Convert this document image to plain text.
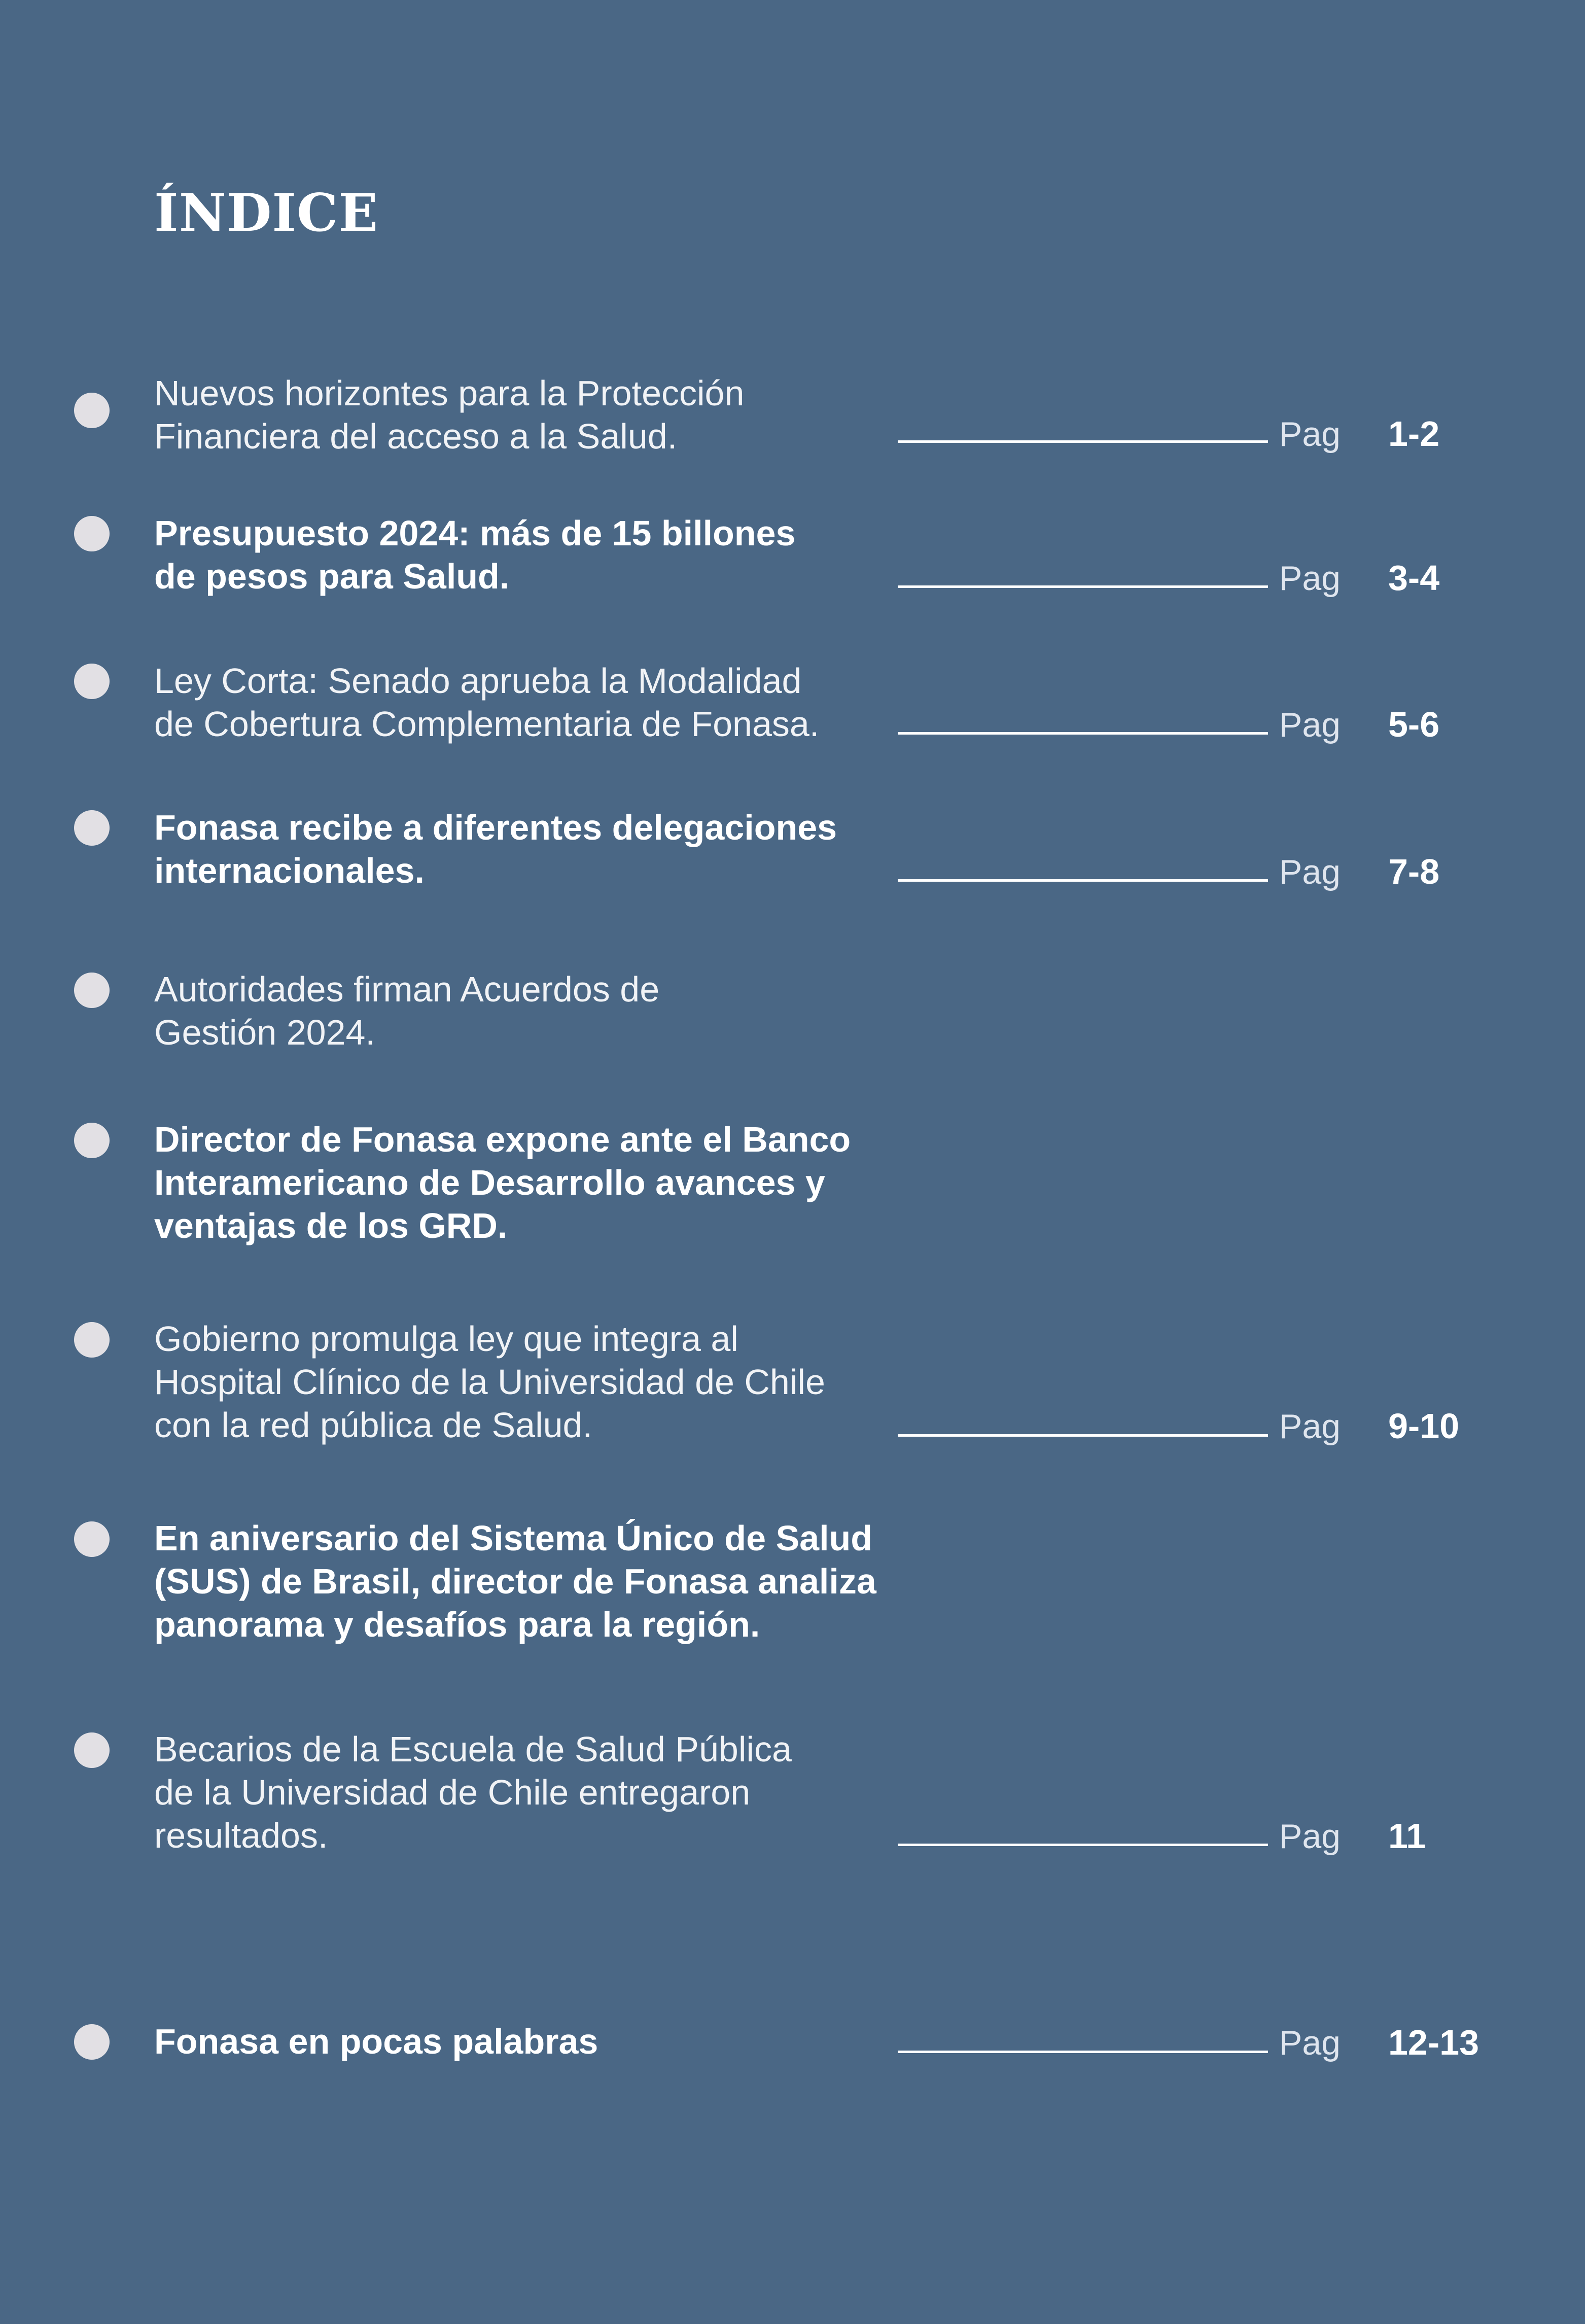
ÍNDICE
Nuevos horizontes para la Protección
Financiera del acceso a la Salud.	Pag 1-2
Presupuesto 2024: más de 15 billones
de pesos para Salud.	Pag 3-4
Ley Corta: Senado aprueba la Modalidad
de Cobertura Complementaria de Fonasa.	Pag 5-6
Fonasa recibe a diferentes delegaciones
internacionales.	Pag 7-8
Autoridades firman Acuerdos de
Gestión 2024.
Director de Fonasa expone ante el Banco
Interamericano de Desarrollo avances y
ventajas de los GRD.
Gobierno promulga ley que integra al
Hospital Clínico de la Universidad de Chile
con la red pública de Salud.	Pag 9-10
En aniversario del Sistema Único de Salud
(SUS) de Brasil, director de Fonasa analiza
panorama y desafíos para la región.
Becarios de la Escuela de Salud Pública
de la Universidad de Chile entregaron
resultados.	Pag 11
Fonasa en pocas palabras	Pag 12-13
